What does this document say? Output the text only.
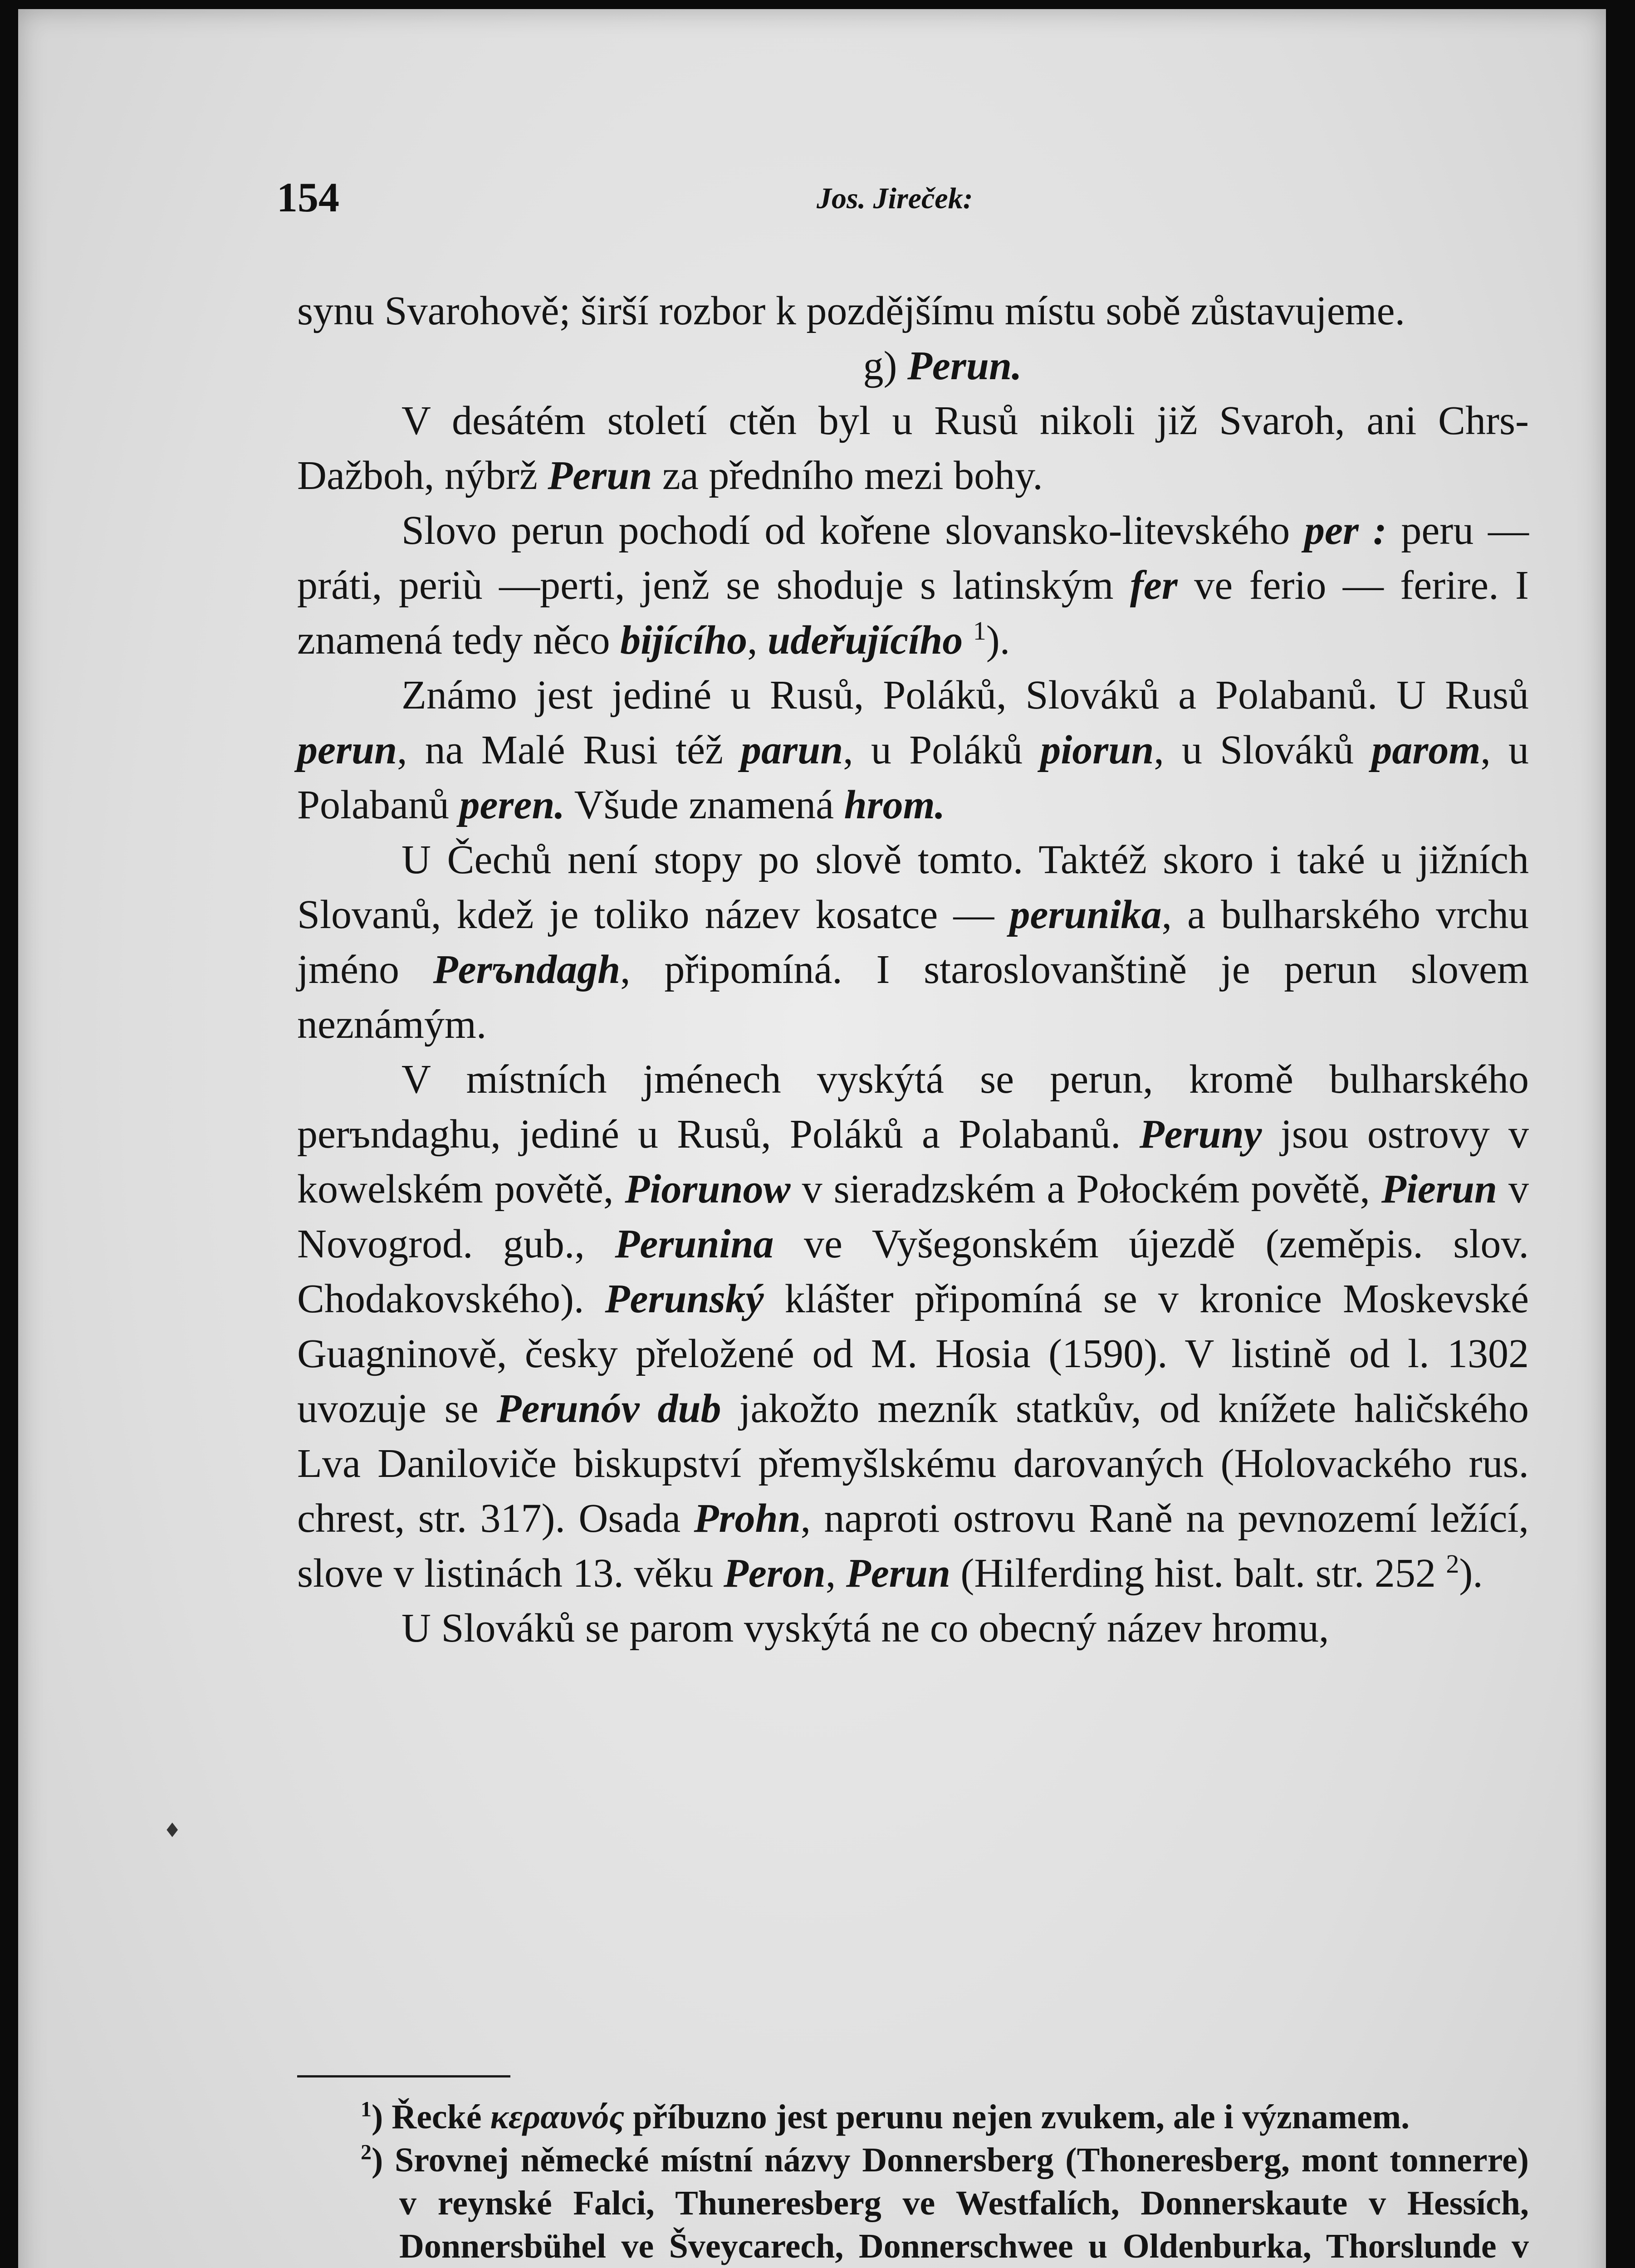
154	Jos. Jireček:
♦

synu Svarohově; širší rozbor k pozdějšímu místu sobě zůstavujeme.

g) Perun.

V desátém století ctěn byl u Rusů nikoli již Svaroh, ani Chrs-Dažboh, nýbrž Perun za předního mezi bohy.

Slovo perun pochodí od kořene slovansko-litevského per : peru — práti, periù —perti, jenž se shoduje s latinským fer ve ferio — ferire. I znamená tedy něco bijícího, udeřujícího $^1$).

Známo jest jediné u Rusů, Poláků, Slováků a Polabanů. U Rusů perun, na Malé Rusi též parun, u Poláků piorun, u Slováků parom, u Polabanů peren. Všude znamená hrom.

U Čechů není stopy po slově tomto. Taktéž skoro i také u jižních Slovanů, kdež je toliko název kosatce — perunika, a bulharského vrchu jméno Perъndagh, připomíná. I staroslovanštině je perun slovem neznámým.

V místních jménech vyskýtá se perun, kromě bulharského perъndaghu, jediné u Rusů, Poláků a Polabanů. Peruny jsou ostrovy v kowelském povětě, Piorunow v sieradzském a Połockém povětě, Pierun v Novogrod. gub., Perunina ve Vyšegonském újezdě (zeměpis. slov. Chodakovského). Perunský klášter připomíná se v kronice Moskevské Guagninově, česky přeložené od M. Hosia (1590). V listině od l. 1302 uvozuje se Perunóv dub jakožto mezník statkův, od knížete haličského Lva Daniloviče biskupství přemyšlskému darovaných (Holovackého rus. chrest, str. 317). Osada Prohn, naproti ostrovu Raně na pevnozemí ležící, slove v listinách 13. věku Peron, Perun (Hilferding hist. balt. str. 252 $^2$).

U Slováků se parom vyskýtá ne co obecný název hromu,

$^1$) Řecké κεραυνός příbuzno jest perunu nejen zvukem, ale i významem.

$^2$) Srovnej německé místní názvy Donnersberg (Thoneresberg, mont tonnerre) v reynské Falci, Thuneresberg ve Westfalích, Donnerskaute v Hessích, Donnersbühel ve Šveycarech, Donnerschwee u Oldenburka, Thorslunde v
